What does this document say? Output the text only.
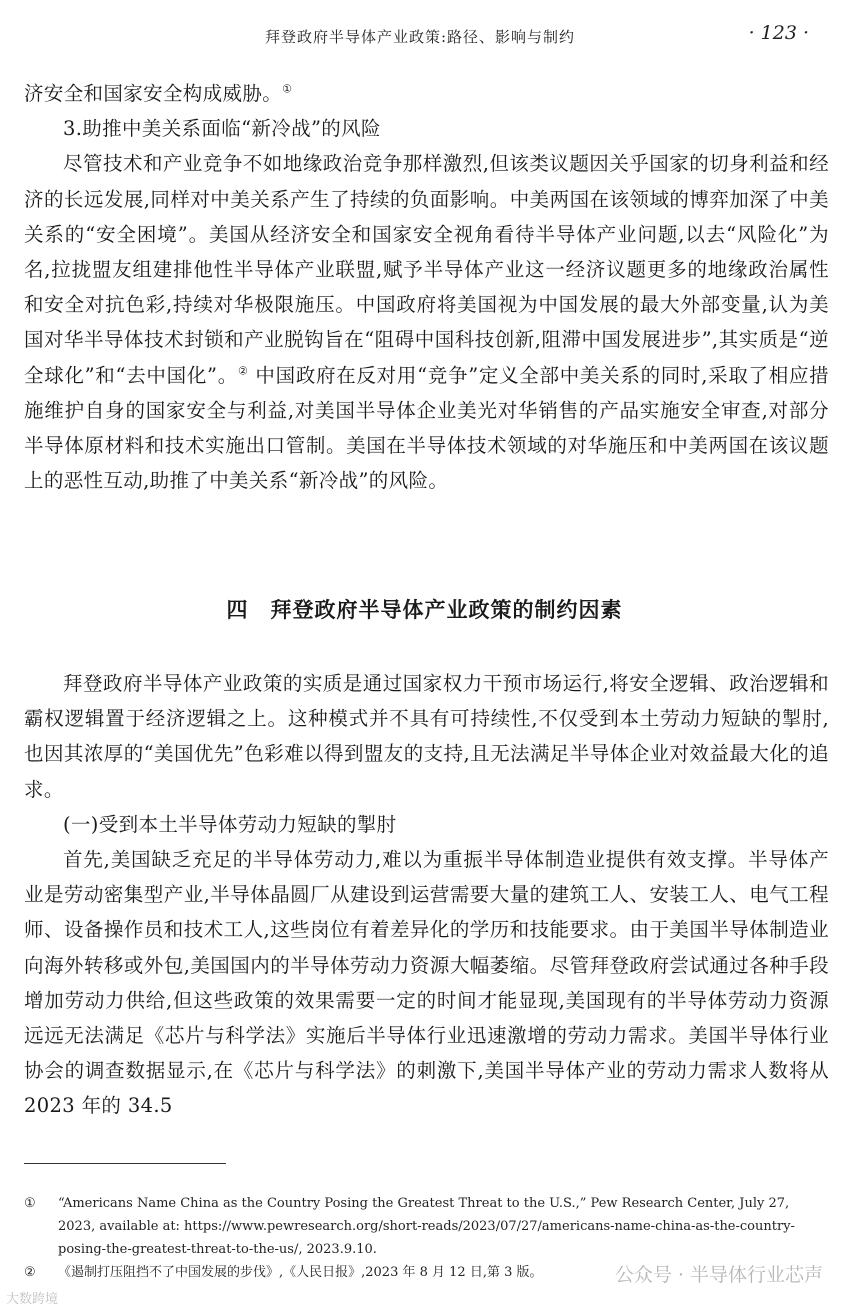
拜登政府半导体产业政策:路径、影响与制约	· 123 ·

济安全和国家安全构成威胁。①

3.助推中美关系面临“新冷战”的风险

尽管技术和产业竞争不如地缘政治竞争那样激烈,但该类议题因关乎国家的切身利益和经济的长远发展,同样对中美关系产生了持续的负面影响。中美两国在该领域的博弈加深了中美关系的“安全困境”。美国从经济安全和国家安全视角看待半导体产业问题,以去“风险化”为名,拉拢盟友组建排他性半导体产业联盟,赋予半导体产业这一经济议题更多的地缘政治属性和安全对抗色彩,持续对华极限施压。中国政府将美国视为中国发展的最大外部变量,认为美国对华半导体技术封锁和产业脱钩旨在“阻碍中国科技创新,阻滞中国发展进步”,其实质是“逆全球化”和“去中国化”。② 中国政府在反对用“竞争”定义全部中美关系的同时,采取了相应措施维护自身的国家安全与利益,对美国半导体企业美光对华销售的产品实施安全审查,对部分半导体原材料和技术实施出口管制。美国在半导体技术领域的对华施压和中美两国在该议题上的恶性互动,助推了中美关系“新冷战”的风险。

四 拜登政府半导体产业政策的制约因素

拜登政府半导体产业政策的实质是通过国家权力干预市场运行,将安全逻辑、政治逻辑和霸权逻辑置于经济逻辑之上。这种模式并不具有可持续性,不仅受到本土劳动力短缺的掣肘,也因其浓厚的“美国优先”色彩难以得到盟友的支持,且无法满足半导体企业对效益最大化的追求。

(一)受到本土半导体劳动力短缺的掣肘

首先,美国缺乏充足的半导体劳动力,难以为重振半导体制造业提供有效支撑。半导体产业是劳动密集型产业,半导体晶圆厂从建设到运营需要大量的建筑工人、安装工人、电气工程师、设备操作员和技术工人,这些岗位有着差异化的学历和技能要求。由于美国半导体制造业向海外转移或外包,美国国内的半导体劳动力资源大幅萎缩。尽管拜登政府尝试通过各种手段增加劳动力供给,但这些政策的效果需要一定的时间才能显现,美国现有的半导体劳动力资源远远无法满足《芯片与科学法》实施后半导体行业迅速激增的劳动力需求。美国半导体行业协会的调查数据显示,在《芯片与科学法》的刺激下,美国半导体产业的劳动力需求人数将从 2023 年的 34.5

① “Americans Name China as the Country Posing the Greatest Threat to the U.S.,” Pew Research Center, July 27, 2023, available at: https://www.pewresearch.org/short-reads/2023/07/27/americans-name-china-as-the-country-posing-the-greatest-threat-to-the-us/, 2023.9.10.

② 《遏制打压阻挡不了中国发展的步伐》,《人民日报》,2023 年 8 月 12 日,第 3 版。	公众号 · 半导体行业芯声
大数跨境
